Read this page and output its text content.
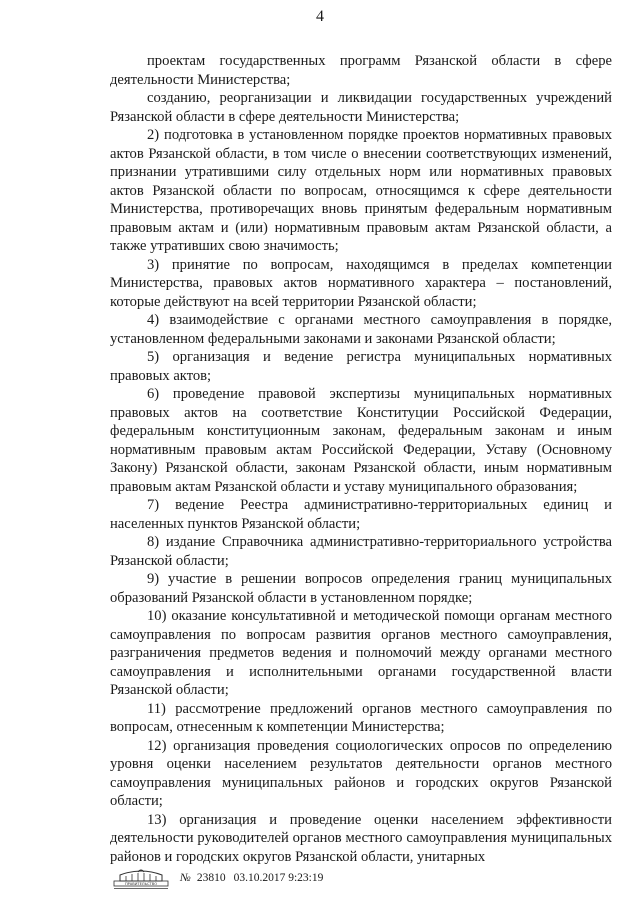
4

проектам государственных программ Рязанской области в сфере деятельности Министерства;

созданию, реорганизации и ликвидации государственных учреждений Рязанской области в сфере деятельности Министерства;

2) подготовка в установленном порядке проектов нормативных правовых актов Рязанской области, в том числе о внесении соответствующих изменений, признании утратившими силу отдельных норм или нормативных правовых актов Рязанской области по вопросам, относящимся к сфере деятельности Министерства, противоречащих вновь принятым федеральным нормативным правовым актам и (или) нормативным правовым актам Рязанской области, а также утративших свою значимость;

3) принятие по вопросам, находящимся в пределах компетенции Министерства, правовых актов нормативного характера – постановлений, которые действуют на всей территории Рязанской области;

4) взаимодействие с органами местного самоуправления в порядке, установленном федеральными законами и законами Рязанской области;

5) организация и ведение регистра муниципальных нормативных правовых актов;

6) проведение правовой экспертизы муниципальных нормативных правовых актов на соответствие Конституции Российской Федерации, федеральным конституционным законам, федеральным законам и иным нормативным правовым актам Российской Федерации, Уставу (Основному Закону) Рязанской области, законам Рязанской области, иным нормативным правовым актам Рязанской области и уставу муниципального образования;

7) ведение Реестра административно-территориальных единиц и населенных пунктов Рязанской области;

8) издание Справочника административно-территориального устройства Рязанской области;

9) участие в решении вопросов определения границ муниципальных образований Рязанской области в установленном порядке;

10) оказание консультативной и методической помощи органам местного самоуправления по вопросам развития органов местного самоуправления, разграничения предметов ведения и полномочий между органами местного самоуправления и исполнительными органами государственной власти Рязанской области;

11) рассмотрение предложений органов местного самоуправления по вопросам, отнесенным к компетенции Министерства;

12) организация проведения социологических опросов по определению уровня оценки населением результатов деятельности органов местного самоуправления муниципальных районов и городских округов Рязанской области;

13) организация и проведение оценки населением эффективности деятельности руководителей органов местного самоуправления муниципальных районов и городских округов Рязанской области, унитарных

ПРАВИТЕЛЬСТВО
№ 23810 03.10.2017 9:23:19
